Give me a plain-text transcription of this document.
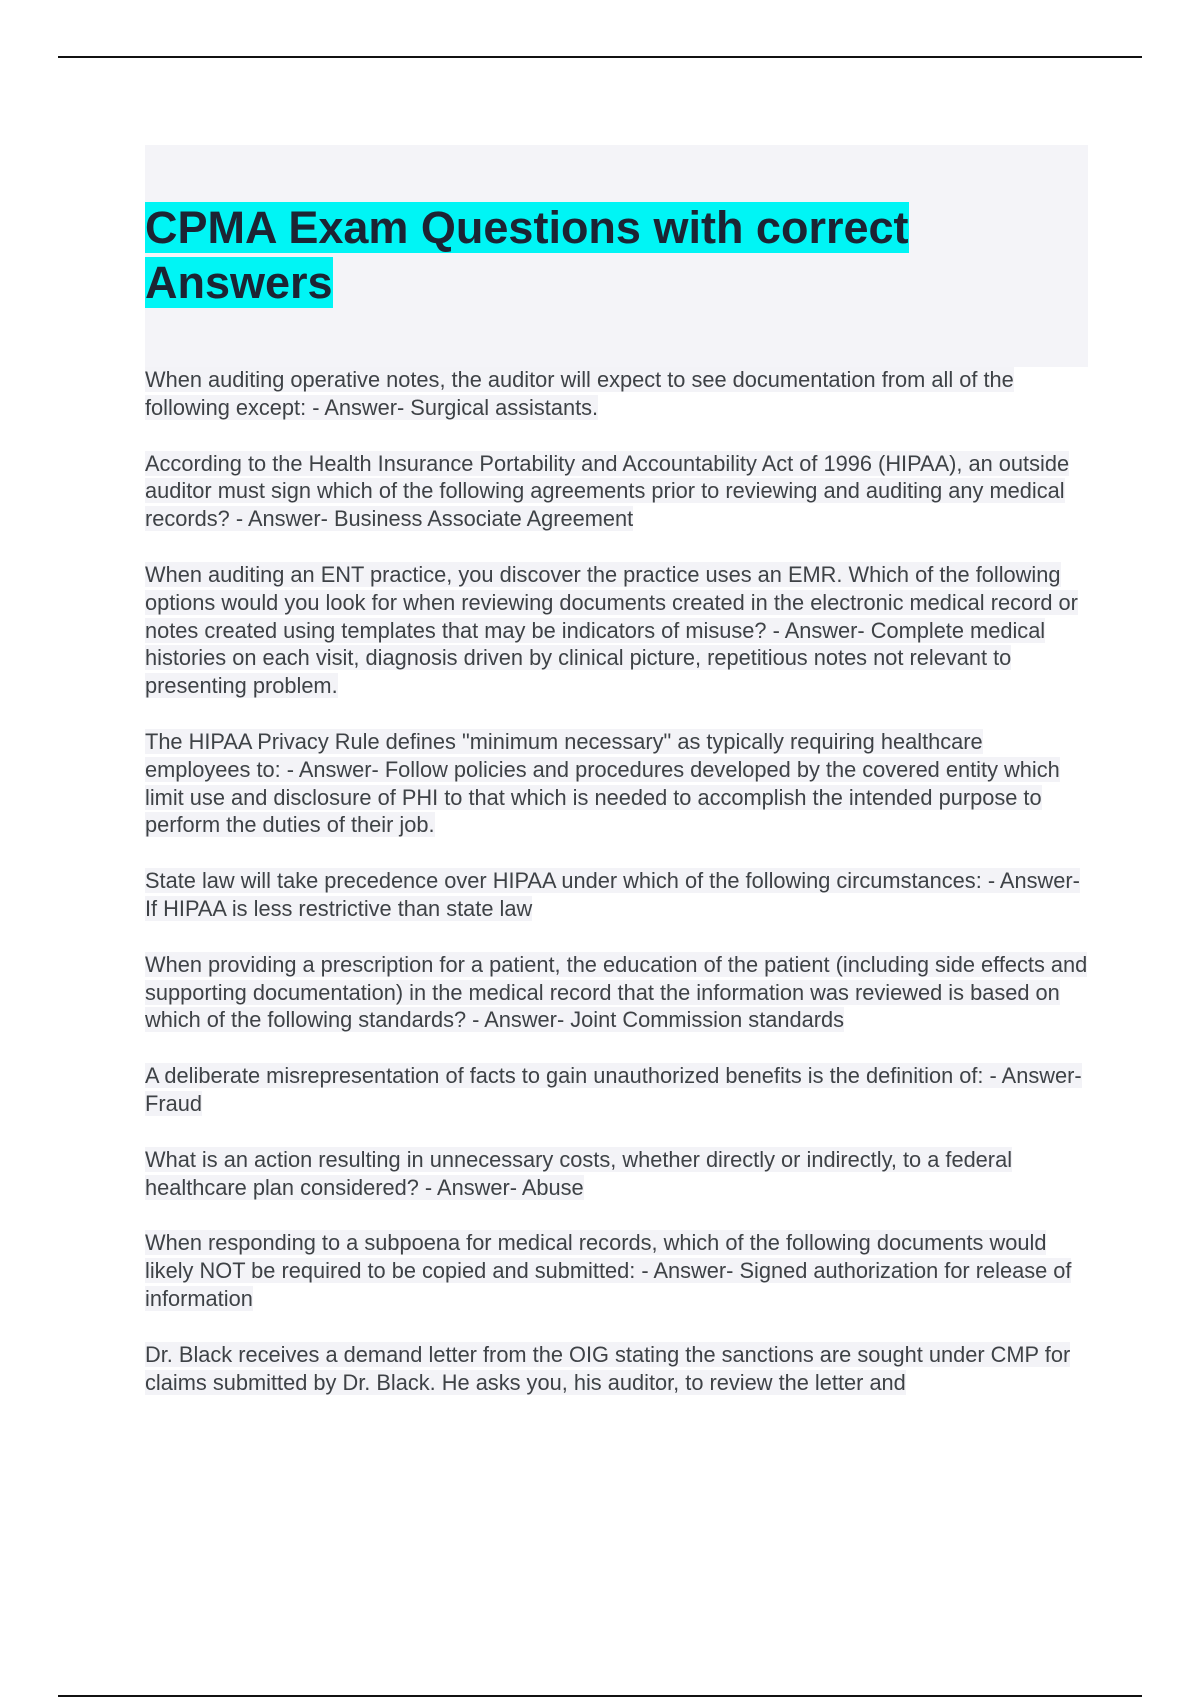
CPMA Exam Questions with correct Answers

When auditing operative notes, the auditor will expect to see documentation from all of the following except: - Answer- Surgical assistants.

According to the Health Insurance Portability and Accountability Act of 1996 (HIPAA), an outside auditor must sign which of the following agreements prior to reviewing and auditing any medical records? - Answer- Business Associate Agreement

When auditing an ENT practice, you discover the practice uses an EMR. Which of the following options would you look for when reviewing documents created in the electronic medical record or notes created using templates that may be indicators of misuse? - Answer- Complete medical histories on each visit, diagnosis driven by clinical picture, repetitious notes not relevant to presenting problem.

The HIPAA Privacy Rule defines "minimum necessary" as typically requiring healthcare employees to: - Answer- Follow policies and procedures developed by the covered entity which limit use and disclosure of PHI to that which is needed to accomplish the intended purpose to perform the duties of their job.

State law will take precedence over HIPAA under which of the following circumstances: - Answer- If HIPAA is less restrictive than state law

When providing a prescription for a patient, the education of the patient (including side effects and supporting documentation) in the medical record that the information was reviewed is based on which of the following standards? - Answer- Joint Commission standards

A deliberate misrepresentation of facts to gain unauthorized benefits is the definition of: - Answer- Fraud

What is an action resulting in unnecessary costs, whether directly or indirectly, to a federal healthcare plan considered? - Answer- Abuse

When responding to a subpoena for medical records, which of the following documents would likely NOT be required to be copied and submitted: - Answer- Signed authorization for release of information

Dr. Black receives a demand letter from the OIG stating the sanctions are sought under CMP for claims submitted by Dr. Black. He asks you, his auditor, to review the letter and
